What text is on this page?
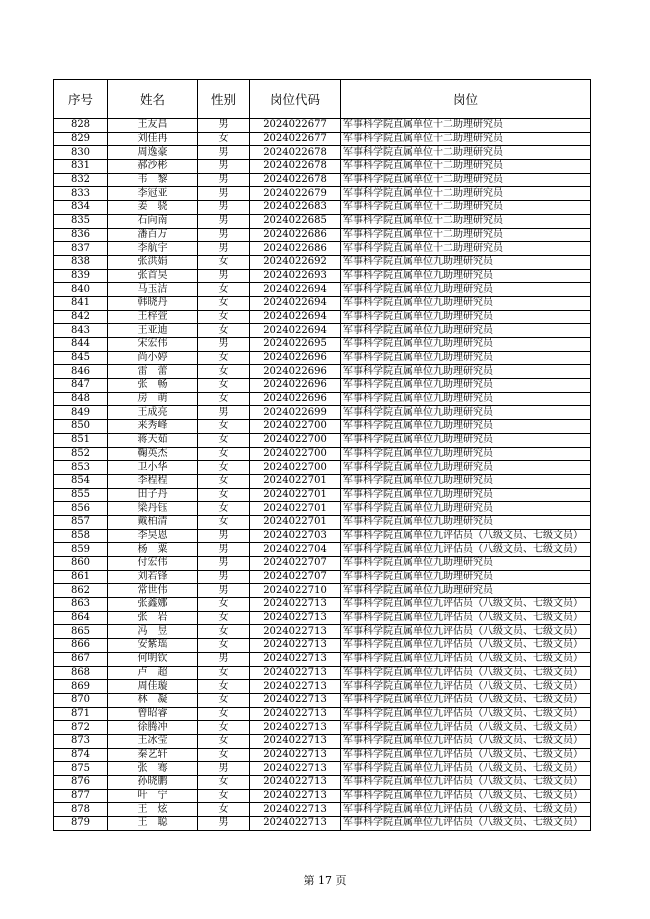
序号	姓名	性别	岗位代码	岗位
828	王友昌	男	2024022677	军事科学院直属单位十二助理研究员
829	刘佳冉	女	2024022677	军事科学院直属单位十二助理研究员
830	周逸豪	男	2024022678	军事科学院直属单位十二助理研究员
831	郝沙彬	男	2024022678	军事科学院直属单位十二助理研究员
832	韦　黎	男	2024022678	军事科学院直属单位十二助理研究员
833	李冠亚	男	2024022679	军事科学院直属单位十二助理研究员
834	姜　骁	男	2024022683	军事科学院直属单位十二助理研究员
835	石向南	男	2024022685	军事科学院直属单位十二助理研究员
836	潘百万	男	2024022686	军事科学院直属单位十二助理研究员
837	李航宇	男	2024022686	军事科学院直属单位十二助理研究员
838	张洪娟	女	2024022692	军事科学院直属单位九助理研究员
839	张首昊	男	2024022693	军事科学院直属单位九助理研究员
840	马玉洁	女	2024022694	军事科学院直属单位九助理研究员
841	韩晓丹	女	2024022694	军事科学院直属单位九助理研究员
842	王梓萱	女	2024022694	军事科学院直属单位九助理研究员
843	王亚迪	女	2024022694	军事科学院直属单位九助理研究员
844	宋宏伟	男	2024022695	军事科学院直属单位九助理研究员
845	尚小婷	女	2024022696	军事科学院直属单位九助理研究员
846	雷　蕾	女	2024022696	军事科学院直属单位九助理研究员
847	张　畅	女	2024022696	军事科学院直属单位九助理研究员
848	房　萌	女	2024022696	军事科学院直属单位九助理研究员
849	王成亮	男	2024022699	军事科学院直属单位九助理研究员
850	来秀峰	女	2024022700	军事科学院直属单位九助理研究员
851	蒋天茹	女	2024022700	军事科学院直属单位九助理研究员
852	鞠英杰	女	2024022700	军事科学院直属单位九助理研究员
853	卫小华	女	2024022700	军事科学院直属单位九助理研究员
854	李程程	女	2024022701	军事科学院直属单位九助理研究员
855	田子丹	女	2024022701	军事科学院直属单位九助理研究员
856	梁丹钰	女	2024022701	军事科学院直属单位九助理研究员
857	戴柏清	女	2024022701	军事科学院直属单位九助理研究员
858	李昊恩	男	2024022703	军事科学院直属单位九评估员（八级文员、七级文员）
859	杨　粟	男	2024022704	军事科学院直属单位九评估员（八级文员、七级文员）
860	付宏伟	男	2024022707	军事科学院直属单位九助理研究员
861	刘若锋	男	2024022707	军事科学院直属单位九助理研究员
862	常世伟	男	2024022710	军事科学院直属单位九助理研究员
863	张鑫娜	女	2024022713	军事科学院直属单位九评估员（八级文员、七级文员）
864	张　岩	女	2024022713	军事科学院直属单位九评估员（八级文员、七级文员）
865	冯　昱	女	2024022713	军事科学院直属单位九评估员（八级文员、七级文员）
866	安紫瑶	女	2024022713	军事科学院直属单位九评估员（八级文员、七级文员）
867	何明钦	男	2024022713	军事科学院直属单位九评估员（八级文员、七级文员）
868	卢　超	女	2024022713	军事科学院直属单位九评估员（八级文员、七级文员）
869	周佳璇	女	2024022713	军事科学院直属单位九评估员（八级文员、七级文员）
870	林　凝	女	2024022713	军事科学院直属单位九评估员（八级文员、七级文员）
871	曾昭睿	女	2024022713	军事科学院直属单位九评估员（八级文员、七级文员）
872	徐腾冲	女	2024022713	军事科学院直属单位九评估员（八级文员、七级文员）
873	王冰莹	女	2024022713	军事科学院直属单位九评估员（八级文员、七级文员）
874	秦艺轩	女	2024022713	军事科学院直属单位九评估员（八级文员、七级文员）
875	张　骞	男	2024022713	军事科学院直属单位九评估员（八级文员、七级文员）
876	孙晓鹏	女	2024022713	军事科学院直属单位九评估员（八级文员、七级文员）
877	叶　宁	女	2024022713	军事科学院直属单位九评估员（八级文员、七级文员）
878	王　炫	女	2024022713	军事科学院直属单位九评估员（八级文员、七级文员）
879	王　聪	男	2024022713	军事科学院直属单位九评估员（八级文员、七级文员）
第 17 页
